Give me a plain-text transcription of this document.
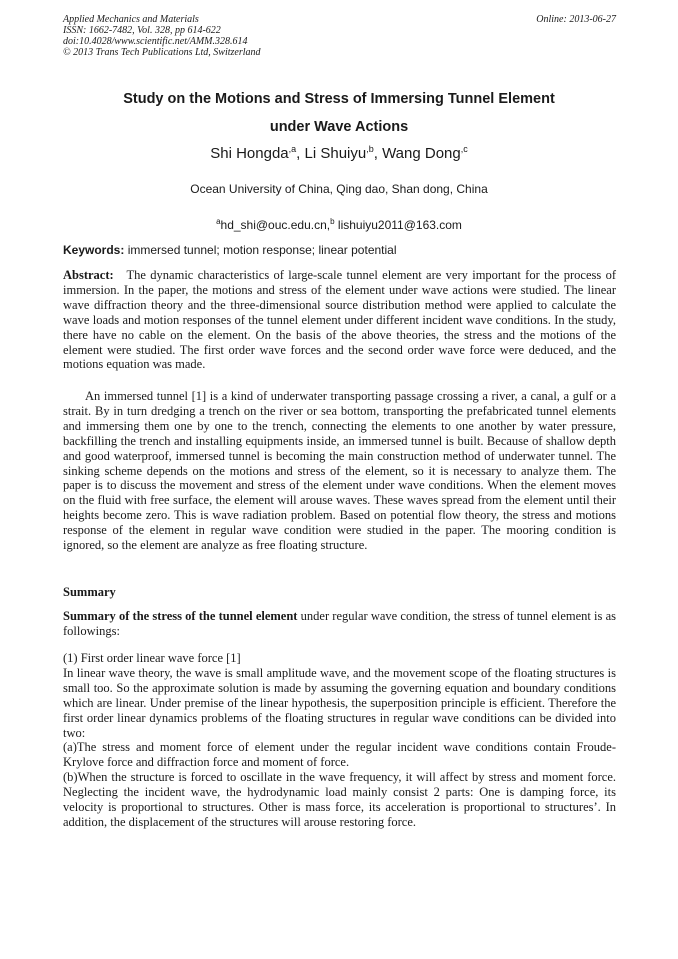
Applied Mechanics and Materials
ISSN: 1662-7482, Vol. 328, pp 614-622
doi:10.4028/www.scientific.net/AMM.328.614
© 2013 Trans Tech Publications Ltd, Switzerland
Online: 2013-06-27
Study on the Motions and Stress of Immersing Tunnel Element
under Wave Actions
Shi Hongda$^{,a}$, Li Shuiyu$^{,b}$, Wang Dong$^{,c}$
Ocean University of China, Qing dao, Shan dong, China
$^a$hd_shi@ouc.edu.cn,$^b$ lishuiyu2011@163.com
Keywords: immersed tunnel; motion response; linear potential

Abstract:   The dynamic characteristics of large-scale tunnel element are very important for the process of immersion. In the paper, the motions and stress of the element under wave actions were studied. The linear wave diffraction theory and the three-dimensional source distribution method were applied to calculate the wave loads and motion responses of the tunnel element under different incident wave conditions. In the study, there have no cable on the element. On the basis of the above theories, the stress and the motions of the element were studied. The first order wave forces and the second order wave force were deduced, and the motions equation was made.

An immersed tunnel [1] is a kind of underwater transporting passage crossing a river, a canal, a gulf or a strait. By in turn dredging a trench on the river or sea bottom, transporting the prefabricated tunnel elements and immersing them one by one to the trench, connecting the elements to one another by water pressure, backfilling the trench and installing equipments inside, an immersed tunnel is built. Because of shallow depth and good waterproof, immersed tunnel is becoming the main construction method of underwater tunnel. The sinking scheme depends on the motions and stress of the element, so it is necessary to analyze them. The paper is to discuss the movement and stress of the element under wave conditions. When the element moves on the fluid with free surface, the element will arouse waves. These waves spread from the element until their heights become zero. This is wave radiation problem. Based on potential flow theory, the stress and motions response of the element in regular wave condition were studied in the paper. The mooring condition is ignored, so the element are analyze as free floating structure.

Summary

Summary of the stress of the tunnel element under regular wave condition, the stress of tunnel element is as followings:

(1) First order linear wave force [1]
In linear wave theory, the wave is small amplitude wave, and the movement scope of the floating structures is small too. So the approximate solution is made by assuming the governing equation and boundary conditions which are linear. Under premise of the linear hypothesis, the superposition principle is efficient. Therefore the first order linear dynamics problems of the floating structures in regular wave conditions can be divided into two:
(a)The stress and moment force of element under the regular incident wave conditions contain Froude-Krylove force and diffraction force and moment of force.
(b)When the structure is forced to oscillate in the wave frequency, it will affect by stress and moment force. Neglecting the incident wave, the hydrodynamic load mainly consist 2 parts: One is damping force, its velocity is proportional to structures. Other is mass force, its acceleration is proportional to structures’. In addition, the displacement of the structures will arouse restoring force.
